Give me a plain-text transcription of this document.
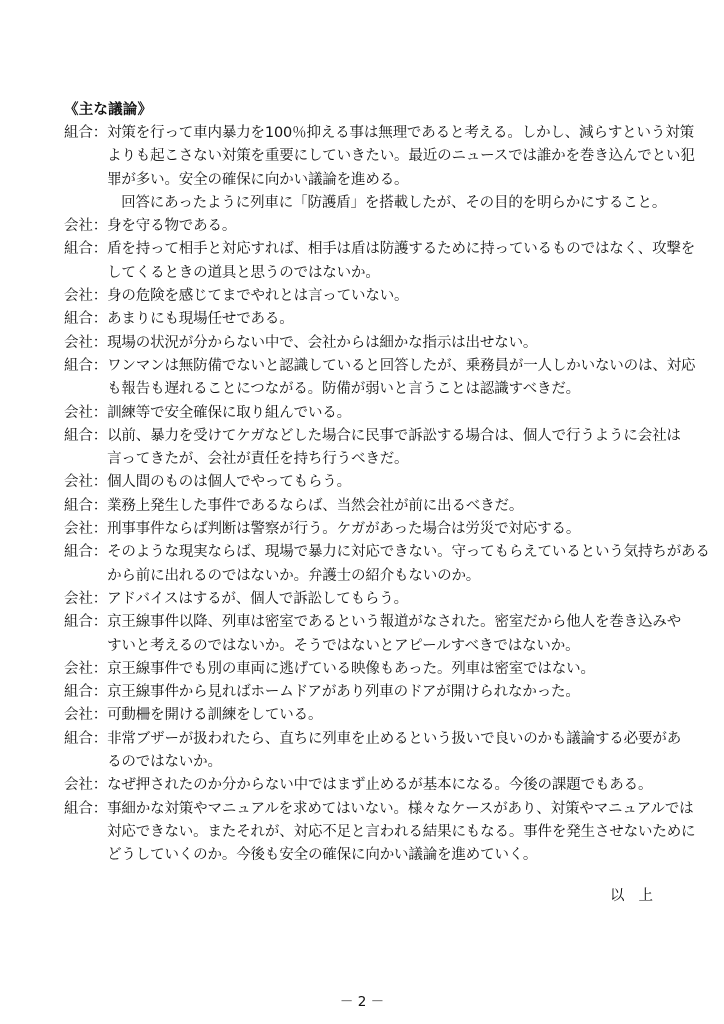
《主な議論》
組合： 対策を行って車内暴力を100％抑える事は無理であると考える。しかし、減らすという対策
よりも起こさない対策を重要にしていきたい。最近のニュースでは誰かを巻き込んでとい犯
罪が多い。安全の確保に向かい議論を進める。
回答にあったように列車に「防護盾」を搭載したが、その目的を明らかにすること。
会社： 身を守る物である。
組合： 盾を持って相手と対応すれば、相手は盾は防護するために持っているものではなく、攻撃を
してくるときの道具と思うのではないか。
会社： 身の危険を感じてまでやれとは言っていない。
組合： あまりにも現場任せである。
会社： 現場の状況が分からない中で、会社からは細かな指示は出せない。
組合： ワンマンは無防備でないと認識していると回答したが、乗務員が一人しかいないのは、対応
も報告も遅れることにつながる。防備が弱いと言うことは認識すべきだ。
会社： 訓練等で安全確保に取り組んでいる。
組合： 以前、暴力を受けてケガなどした場合に民事で訴訟する場合は、個人で行うように会社は
言ってきたが、会社が責任を持ち行うべきだ。
会社： 個人間のものは個人でやってもらう。
組合： 業務上発生した事件であるならば、当然会社が前に出るべきだ。
会社： 刑事事件ならば判断は警察が行う。ケガがあった場合は労災で対応する。
組合： そのような現実ならば、現場で暴力に対応できない。守ってもらえているという気持ちがある
から前に出れるのではないか。弁護士の紹介もないのか。
会社： アドバイスはするが、個人で訴訟してもらう。
組合： 京王線事件以降、列車は密室であるという報道がなされた。密室だから他人を巻き込みや
すいと考えるのではないか。そうではないとアピールすべきではないか。
会社： 京王線事件でも別の車両に逃げている映像もあった。列車は密室ではない。
組合： 京王線事件から見ればホームドアがあり列車のドアが開けられなかった。
会社： 可動柵を開ける訓練をしている。
組合： 非常ブザーが扱われたら、直ちに列車を止めるという扱いで良いのかも議論する必要があ
るのではないか。
会社： なぜ押されたのか分からない中ではまず止めるが基本になる。今後の課題でもある。
組合： 事細かな対策やマニュアルを求めてはいない。様々なケースがあり、対策やマニュアルでは
対応できない。またそれが、対応不足と言われる結果にもなる。事件を発生させないために
どうしていくのか。今後も安全の確保に向かい議論を進めていく。
以上
－ 2 －
